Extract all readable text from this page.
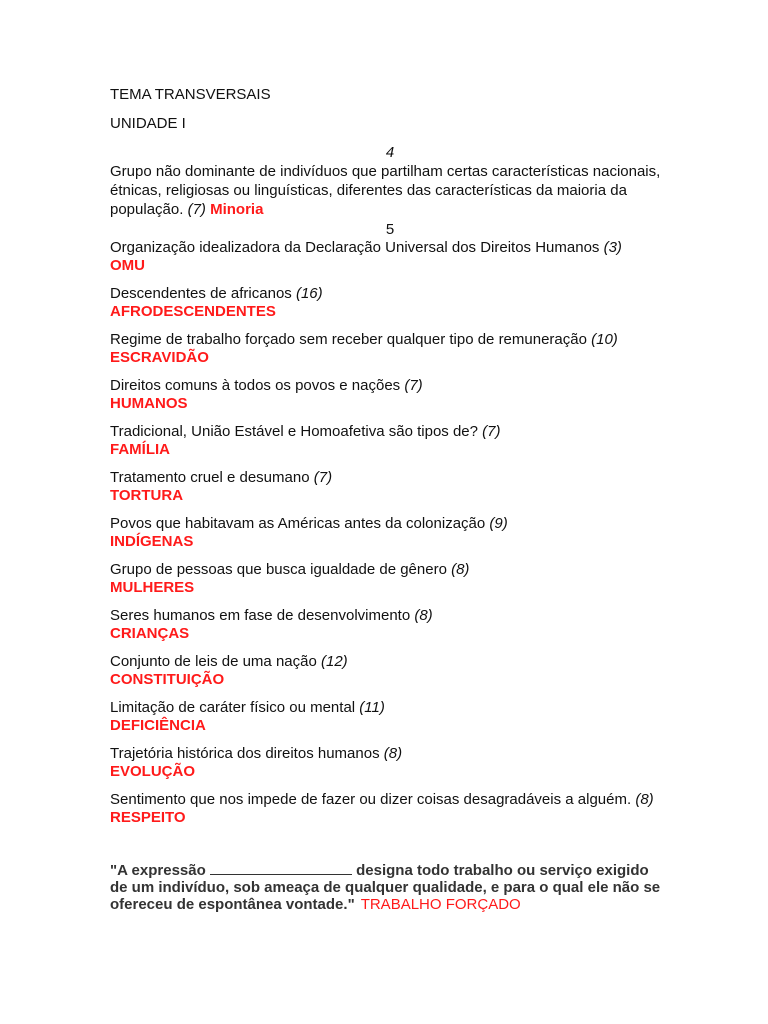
TEMA TRANSVERSAIS

UNIDADE I

4

Grupo não dominante de indivíduos que partilham certas características nacionais, étnicas, religiosas ou linguísticas, diferentes das características da maioria da população. (7) Minoria

5
Organização idealizadora da Declaração Universal dos Direitos Humanos (3)
OMU
Descendentes de africanos (16)
AFRODESCENDENTES
Regime de trabalho forçado sem receber qualquer tipo de remuneração (10)
ESCRAVIDÃO
Direitos comuns à todos os povos e nações (7)
HUMANOS
Tradicional, União Estável e Homoafetiva são tipos de? (7)
FAMÍLIA
Tratamento cruel e desumano (7)
TORTURA
Povos que habitavam as Américas antes da colonização (9)
INDÍGENAS
Grupo de pessoas que busca igualdade de gênero (8)
MULHERES
Seres humanos em fase de desenvolvimento (8)
CRIANÇAS
Conjunto de leis de uma nação (12)
CONSTITUIÇÃO
Limitação de caráter físico ou mental (11)
DEFICIÊNCIA
Trajetória histórica dos direitos humanos (8)
EVOLUÇÃO
Sentimento que nos impede de fazer ou dizer coisas desagradáveis a alguém. (8)
RESPEITO

"A expressão	designa todo trabalho ou serviço exigido de um indivíduo, sob ameaça de qualquer qualidade, e para o qual ele não se ofereceu de espontânea vontade." TRABALHO FORÇADO
